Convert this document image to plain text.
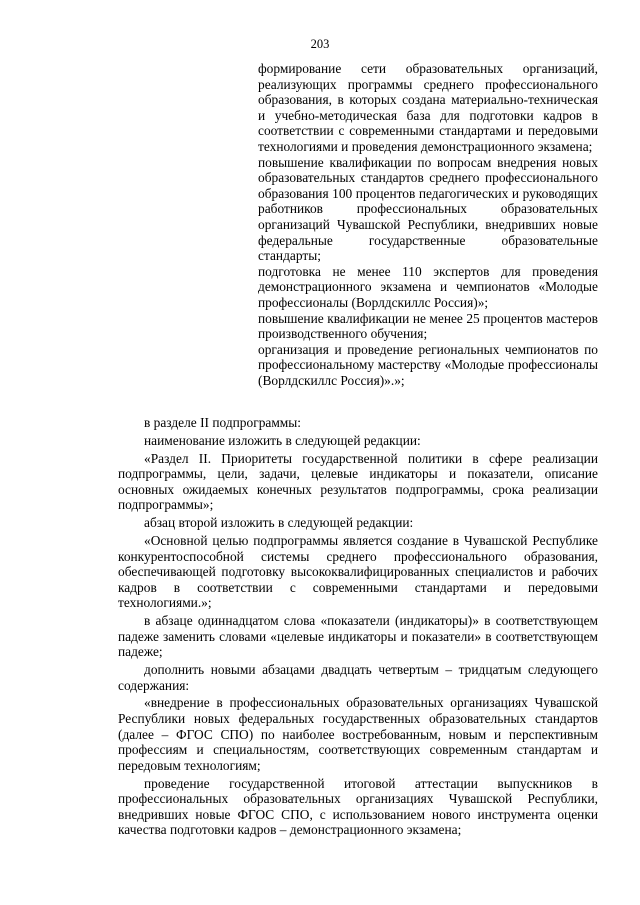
203

формирование сети образовательных организаций, реализующих программы среднего профессионального образования, в которых создана материально-техническая и учебно-методическая база для подготовки кадров в соответствии с современными стандартами и передовыми технологиями и проведения демонстрационного экзамена;

повышение квалификации по вопросам внедрения новых образовательных стандартов среднего профессионального образования 100 процентов педагогических и руководящих работников профессиональных образовательных организаций Чувашской Республики, внедривших новые федеральные государственные образовательные стандарты;

подготовка не менее 110 экспертов для проведения демонстрационного экзамена и чемпионатов «Молодые профессионалы (Ворлдскиллс Россия)»;

повышение квалификации не менее 25 процентов мастеров производственного обучения;

организация и проведение региональных чемпионатов по профессиональному мастерству «Молодые профессионалы (Ворлдскиллс Россия)».»;

в разделе II подпрограммы:

наименование изложить в следующей редакции:

«Раздел II. Приоритеты государственной политики в сфере реализации подпрограммы, цели, задачи, целевые индикаторы и показатели, описание основных ожидаемых конечных результатов подпрограммы, срока реализации подпрограммы»;

абзац второй изложить в следующей редакции:

«Основной целью подпрограммы является создание в Чувашской Республике конкурентоспособной системы среднего профессионального образования, обеспечивающей подготовку высококвалифицированных специалистов и рабочих кадров в соответствии с современными стандартами и передовыми технологиями.»;

в абзаце одиннадцатом слова «показатели (индикаторы)» в соответствующем падеже заменить словами «целевые индикаторы и показатели» в соответствующем падеже;

дополнить новыми абзацами двадцать четвертым – тридцатым следующего содержания:

«внедрение в профессиональных образовательных организациях Чувашской Республики новых федеральных государственных образовательных стандартов (далее – ФГОС СПО) по наиболее востребованным, новым и перспективным профессиям и специальностям, соответствующих современным стандартам и передовым технологиям;

проведение государственной итоговой аттестации выпускников в профессиональных образовательных организациях Чувашской Республики, внедривших новые ФГОС СПО, с использованием нового инструмента оценки качества подготовки кадров – демонстрационного экзамена;
